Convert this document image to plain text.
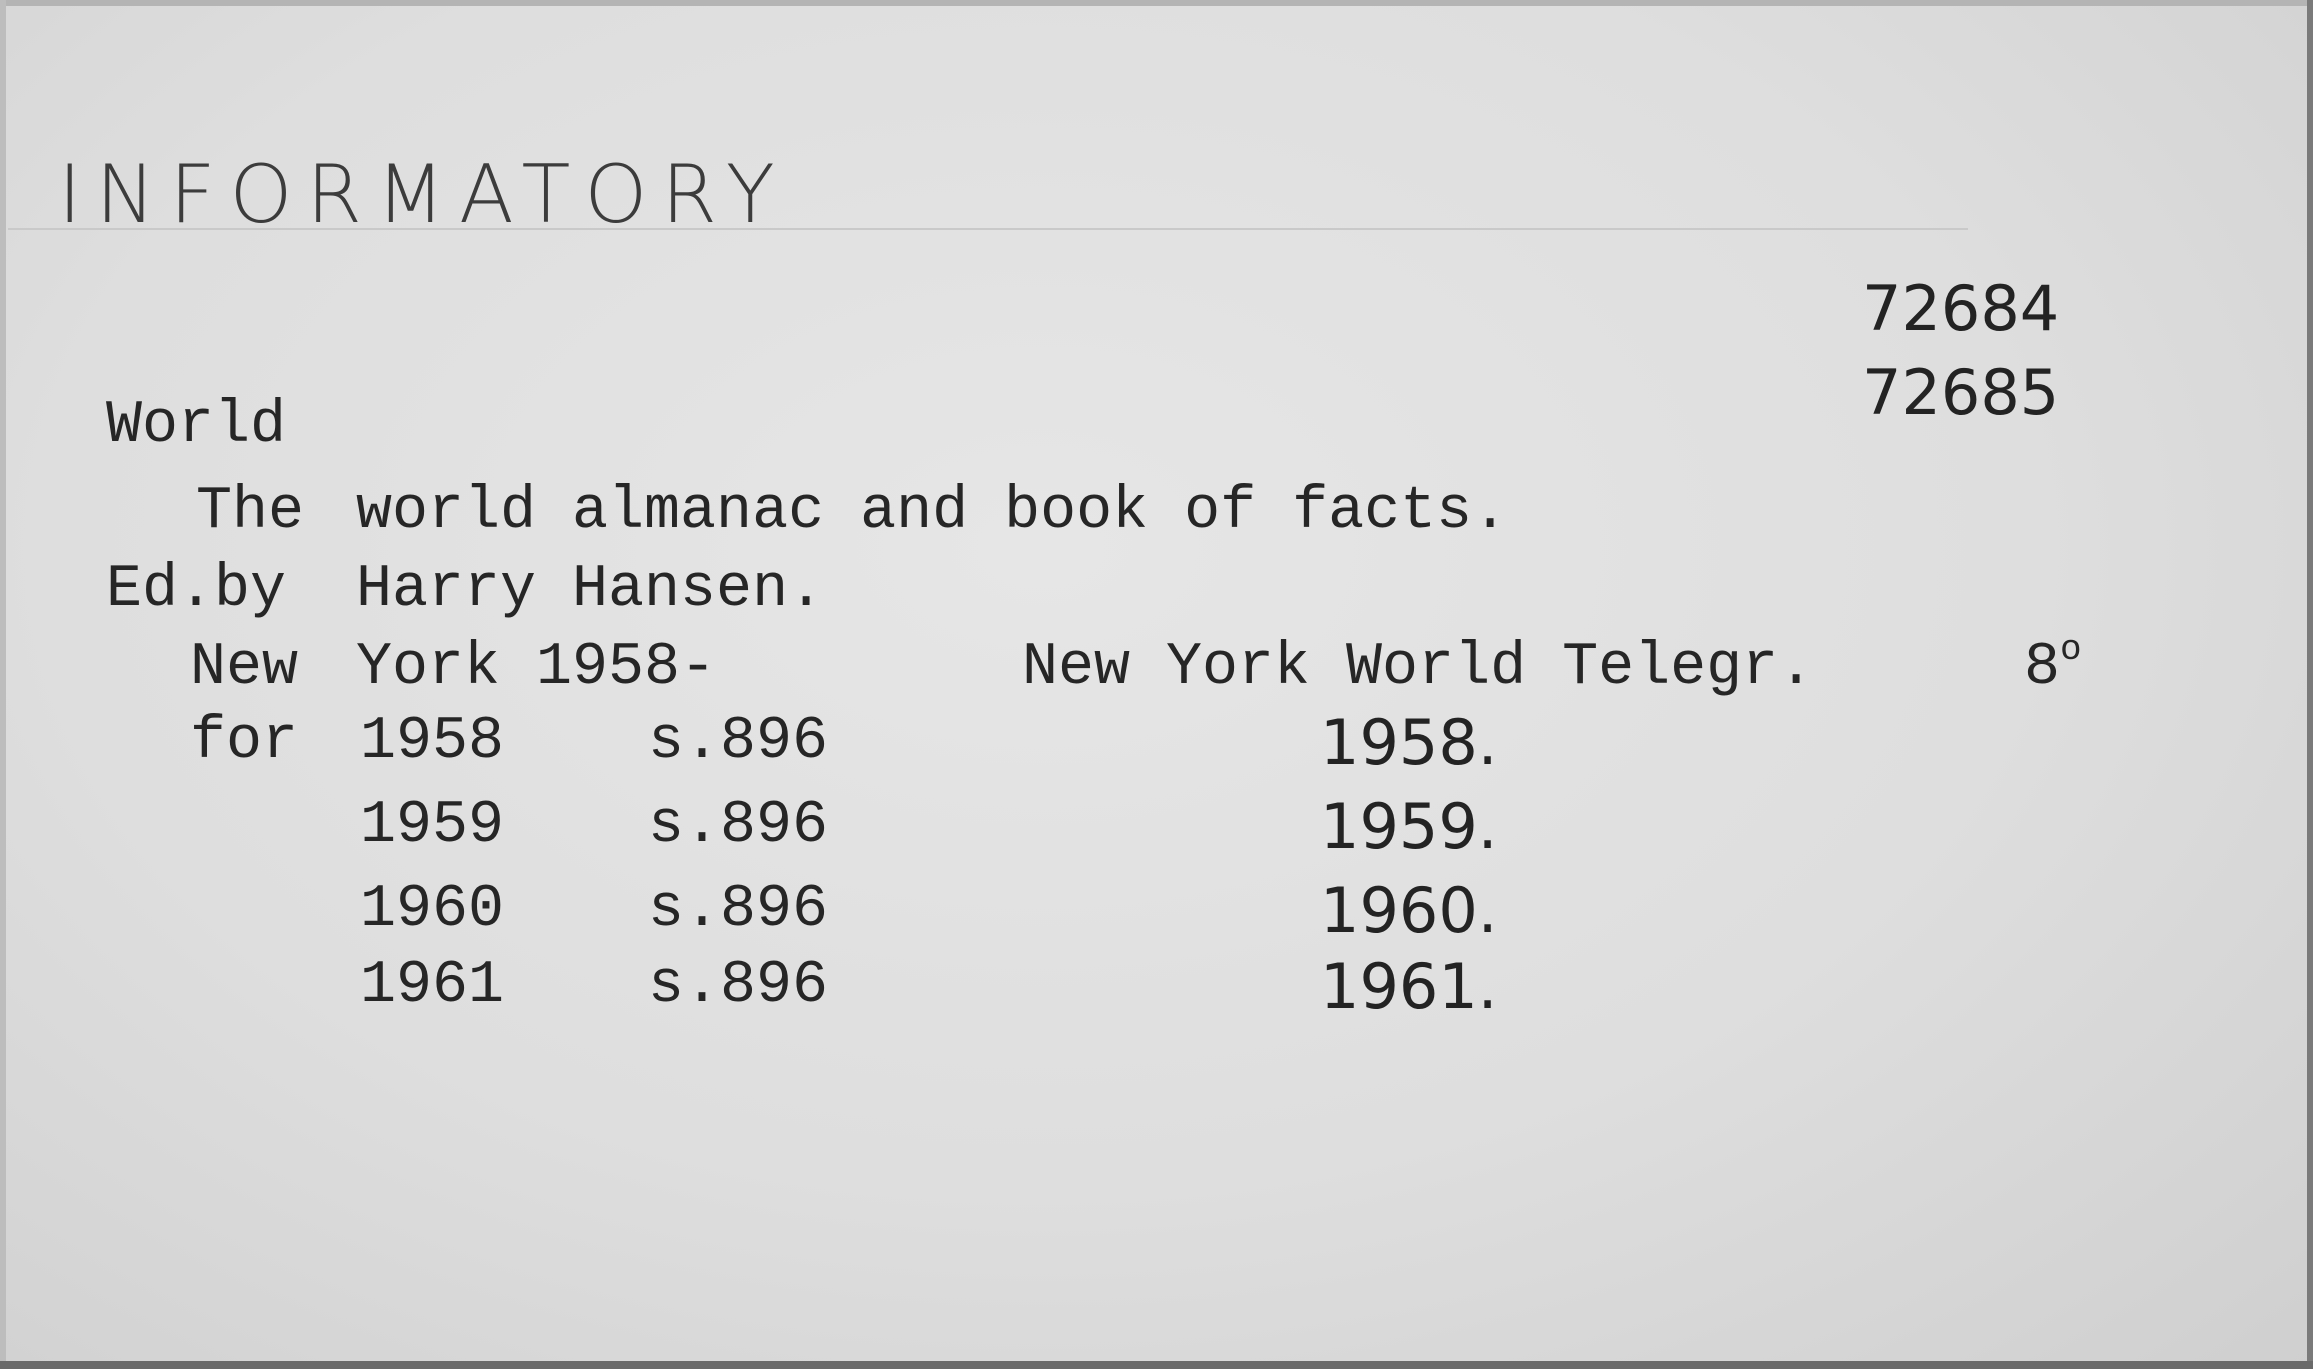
INFORMATORY
72684
72685
World
The world almanac and book of facts.
Ed.by Harry Hansen.
New York 1958-	New York World Telegr.	8$^o$
for 1958 s.896	1958.
1959 s.896	1959.
1960 s.896	1960.
1961 s.896	1961.
